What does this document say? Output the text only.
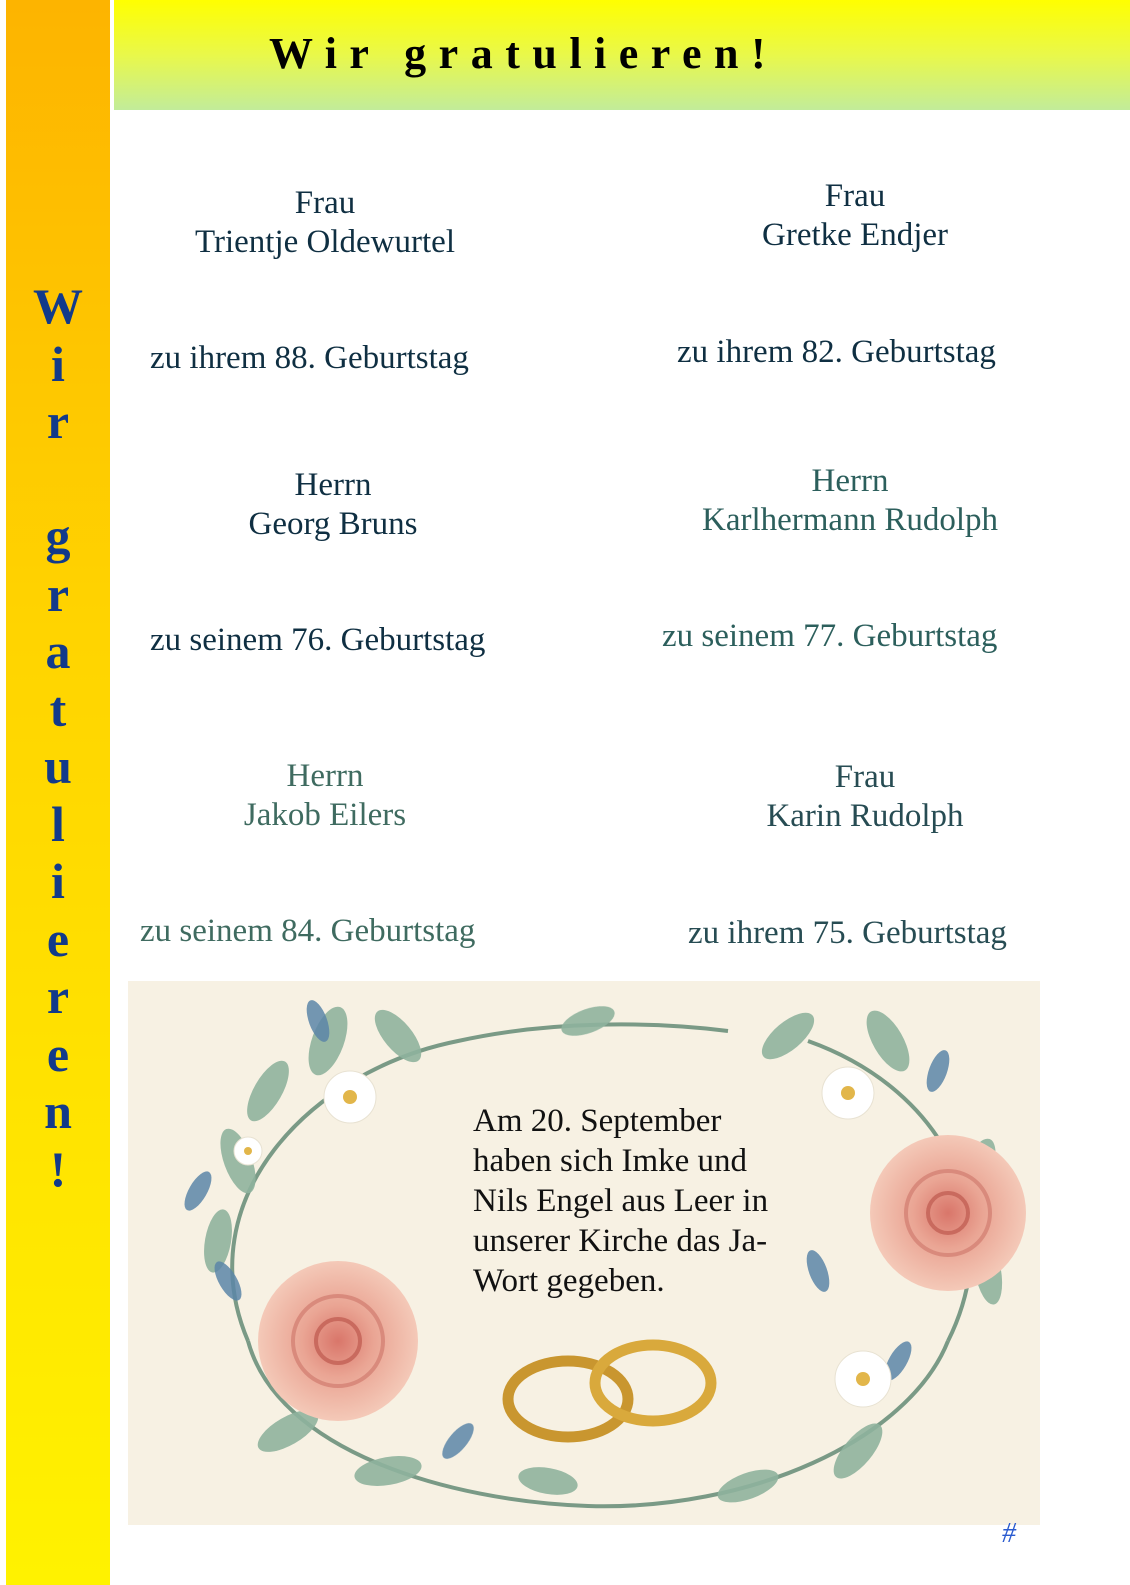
W
i
r
g
r
a
t
u
l
i
e
r
e
n
!
Wir gratulieren!
Frau
Trientje Oldewurtel
zu ihrem 88. Geburtstag
Frau
Gretke Endjer
zu ihrem 82. Geburtstag
Herrn
Georg Bruns
zu seinem 76. Geburtstag
Herrn
Karlhermann Rudolph
zu seinem 77. Geburtstag
Herrn
Jakob Eilers
zu seinem 84. Geburtstag
Frau
Karin Rudolph
zu ihrem 75. Geburtstag
Am 20. September
haben sich Imke und
Nils Engel aus Leer in
unserer Kirche das Ja-
Wort gegeben.
#
